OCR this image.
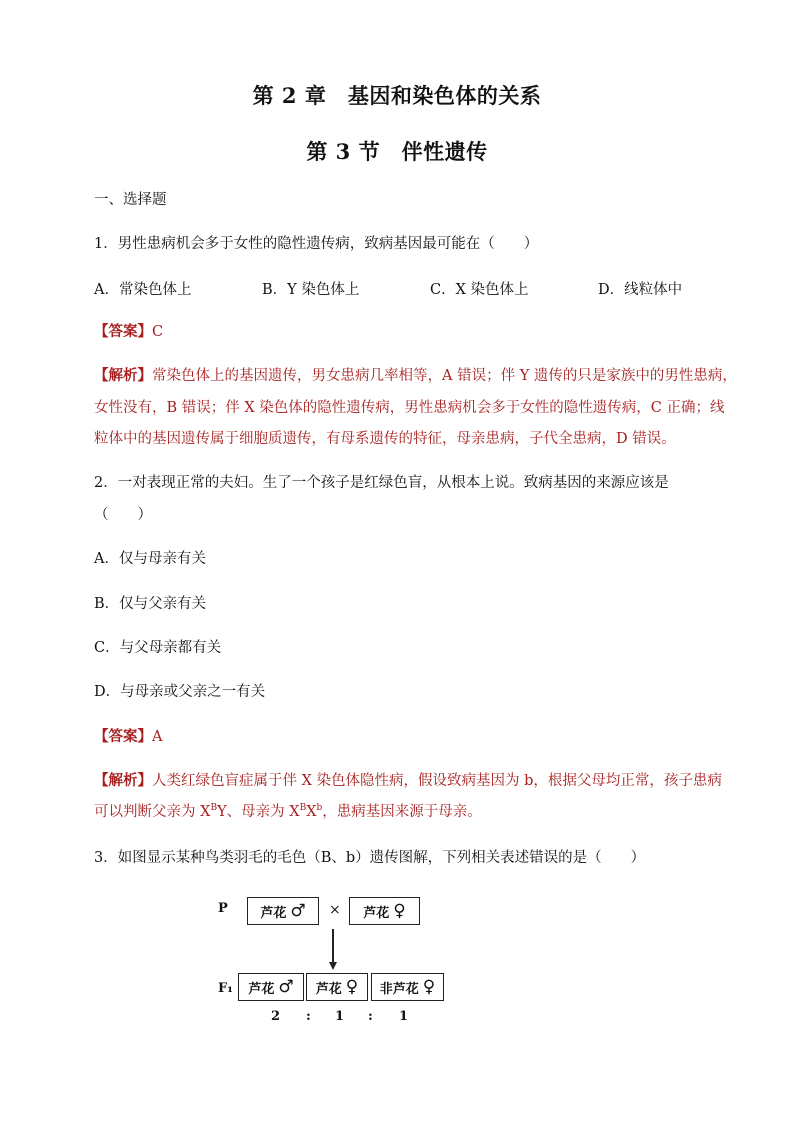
第 2 章　基因和染色体的关系
第 3 节　伴性遗传
一、选择题
1．男性患病机会多于女性的隐性遗传病，致病基因最可能在（　　）
A．常染色体上	B．Y 染色体上	C．X 染色体上	D．线粒体中
【答案】C
【解析】常染色体上的基因遗传，男女患病几率相等，A 错误；伴 Y 遗传的只是家族中的男性患病，
女性没有，B 错误；伴 X 染色体的隐性遗传病，男性患病机会多于女性的隐性遗传病，C 正确；线
粒体中的基因遗传属于细胞质遗传，有母系遗传的特征，母亲患病，子代全患病，D 错误。
2．一对表现正常的夫妇。生了一个孩子是红绿色盲，从根本上说。致病基因的来源应该是
（　　）
A．仅与母亲有关
B．仅与父亲有关
C．与父母亲都有关
D．与母亲或父亲之一有关
【答案】A
【解析】人类红绿色盲症属于伴 X 染色体隐性病，假设致病基因为 b，根据父母均正常，孩子患病
可以判断父亲为 $X^BY$、母亲为 $X^BX^b$，患病基因来源于母亲。
3．如图显示某种鸟类羽毛的毛色（B、b）遗传图解，下列相关表述错误的是（　　）
P	芦花 ♂ × 芦花 ♀
F₁ 芦花 ♂ 芦花 ♀ 非芦花 ♀
2 : 1 : 1
